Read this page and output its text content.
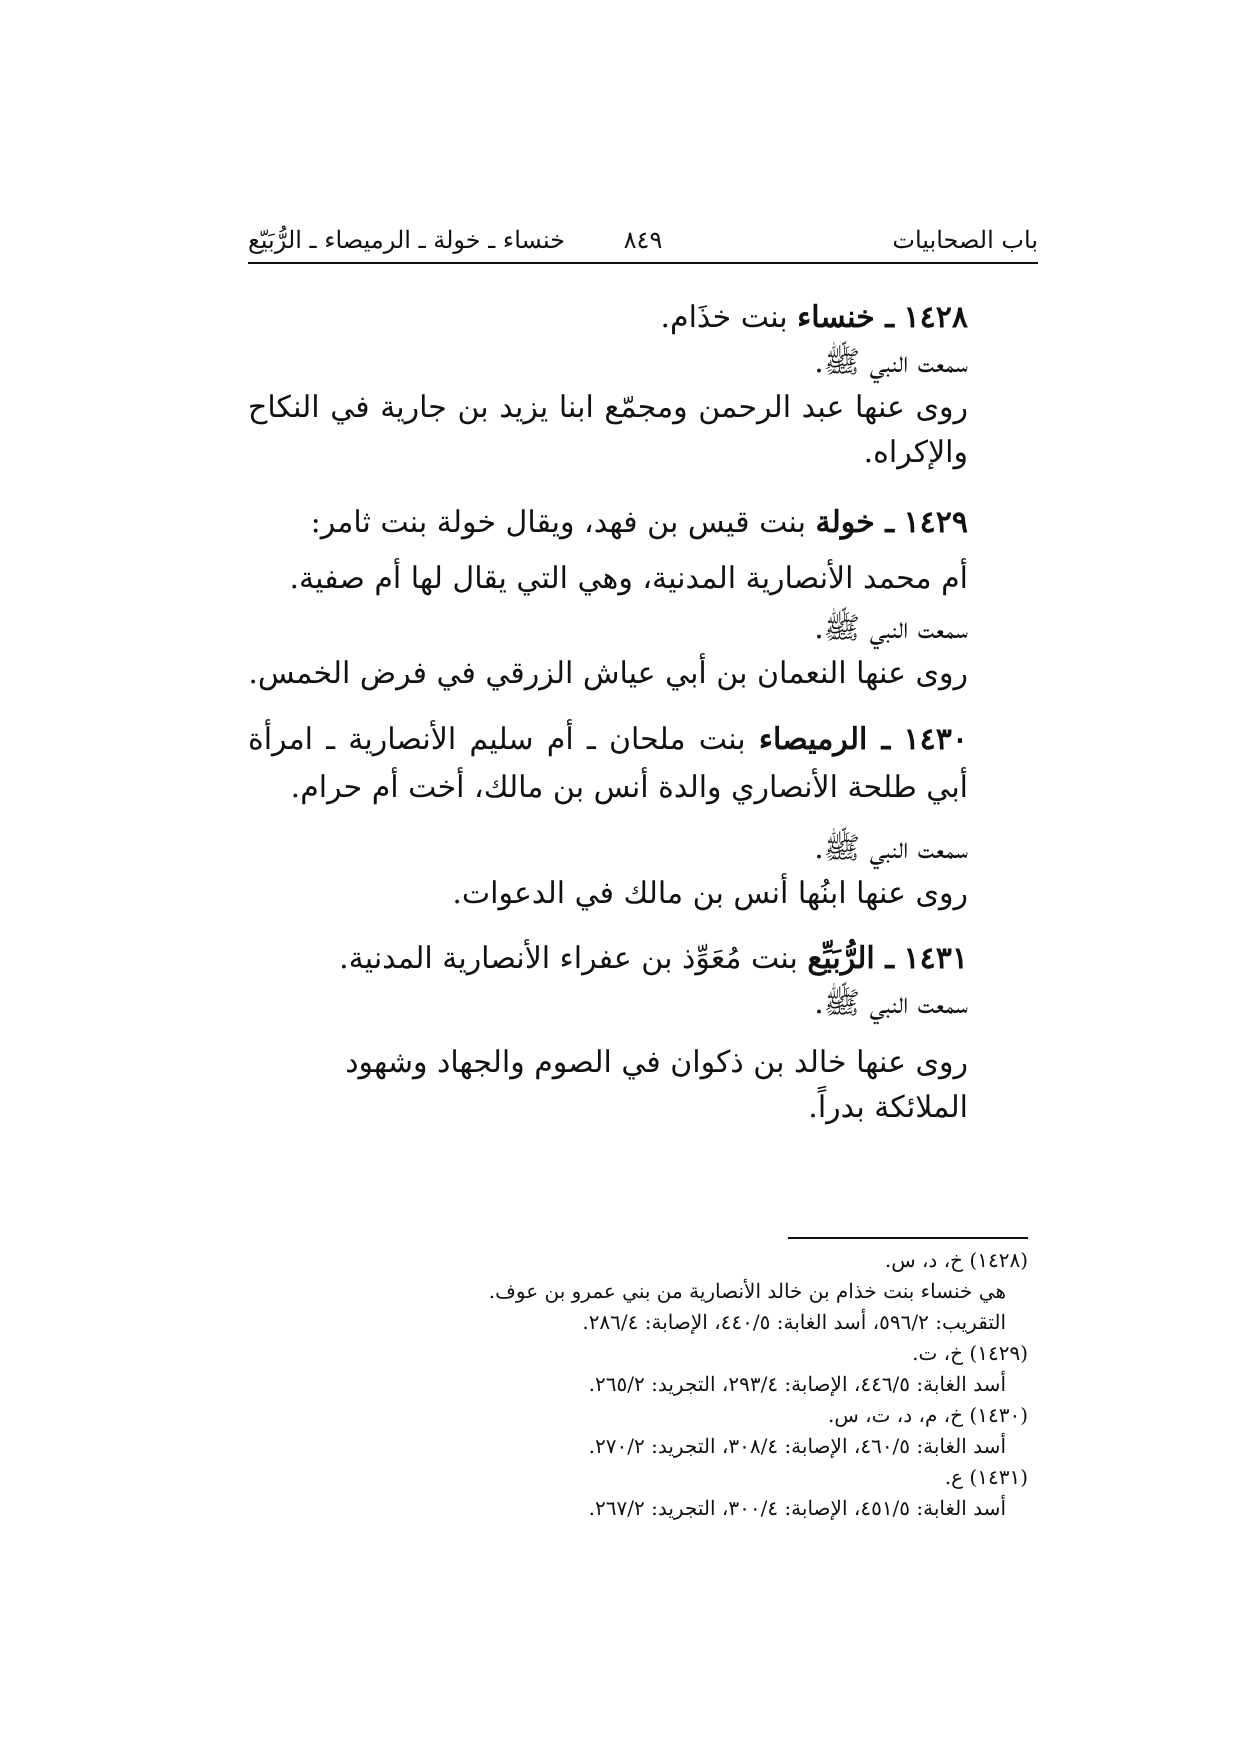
باب الصحابيات
٨٤٩
خنساء ـ خولة ـ الرميصاء ـ الرُّبَيّع

١٤٢٨ ـ خنساء بنت خذَام.

سمعت النبي ﷺ.

روى عنها عبد الرحمن ومجمّع ابنا يزيد بن جارية في النكاح والإكراه.

١٤٢٩ ـ خولة بنت قيس بن فهد، ويقال خولة بنت ثامر:

أم محمد الأنصارية المدنية، وهي التي يقال لها أم صفية.

سمعت النبي ﷺ.

روى عنها النعمان بن أبي عياش الزرقي في فرض الخمس.

١٤٣٠ ـ الرميصاء بنت ملحان ـ أم سليم الأنصارية ـ امرأة أبي طلحة الأنصاري والدة أنس بن مالك، أخت أم حرام.

سمعت النبي ﷺ.

روى عنها ابنُها أنس بن مالك في الدعوات.

١٤٣١ ـ الرُّبَيِّع بنت مُعَوِّذ بن عفراء الأنصارية المدنية.

سمعت النبي ﷺ.

روى عنها خالد بن ذكوان في الصوم والجهاد وشهود الملائكة بدراً.

(١٤٢٨) خ، د، س.

هي خنساء بنت خذام بن خالد الأنصارية من بني عمرو بن عوف.

التقريب: ٥٩٦/٢، أسد الغابة: ٤٤٠/٥، الإصابة: ٢٨٦/٤.

(١٤٢٩) خ، ت.

أسد الغابة: ٤٤٦/٥، الإصابة: ٢٩٣/٤، التجريد: ٢٦٥/٢.

(١٤٣٠) خ، م، د، ت، س.

أسد الغابة: ٤٦٠/٥، الإصابة: ٣٠٨/٤، التجريد: ٢٧٠/٢.

(١٤٣١) ع.

أسد الغابة: ٤٥١/٥، الإصابة: ٣٠٠/٤، التجريد: ٢٦٧/٢.
